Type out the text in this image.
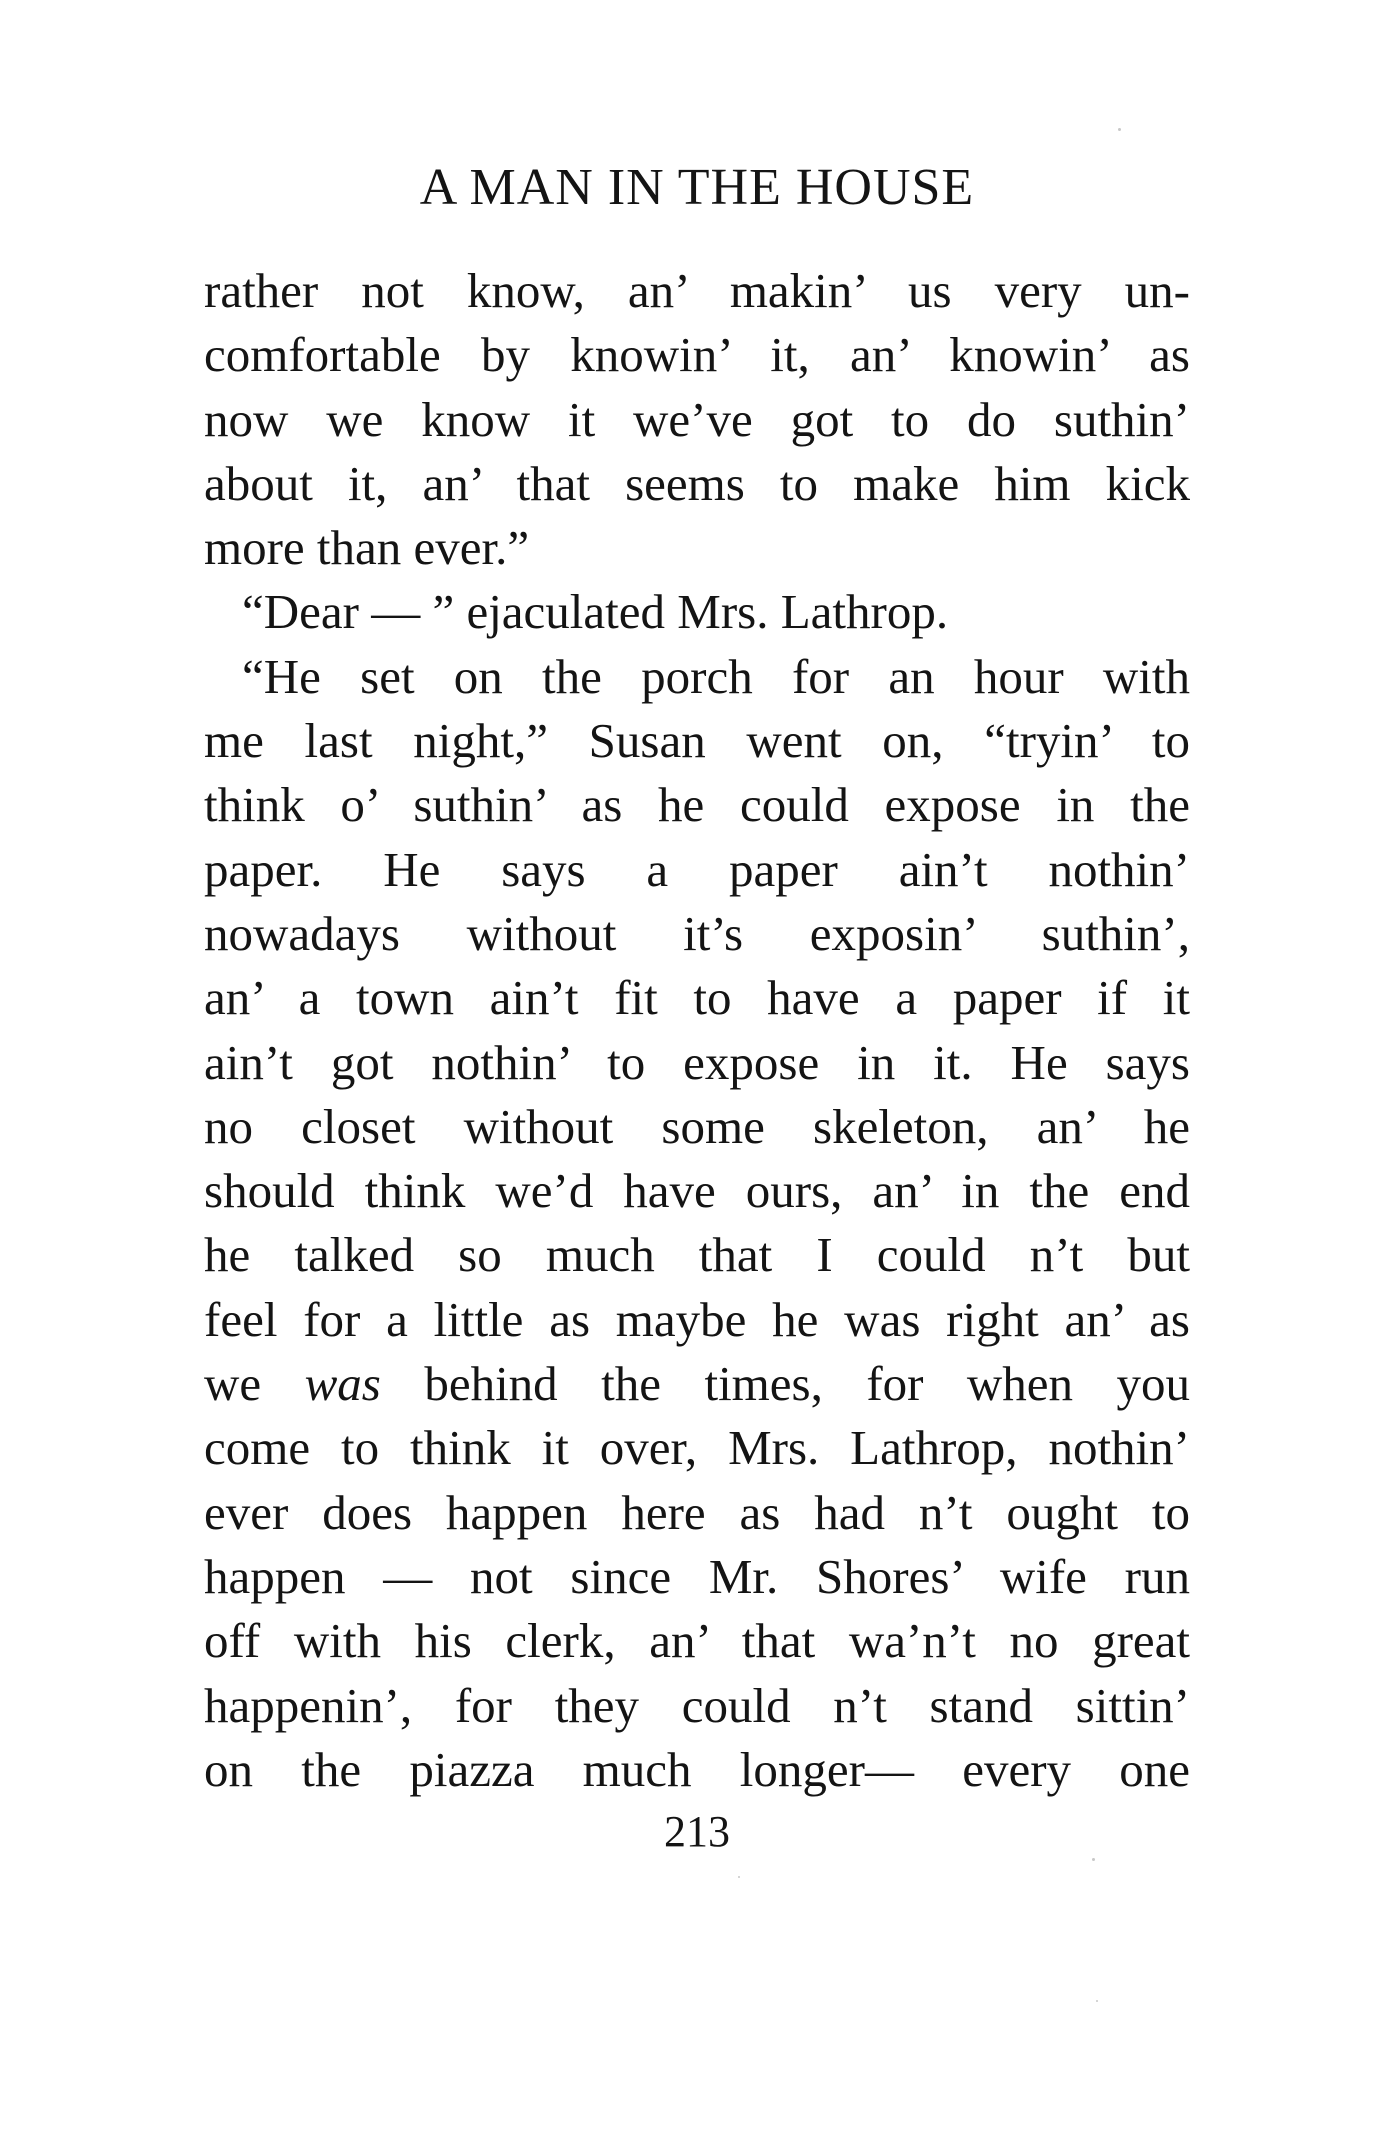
A MAN IN THE HOUSE
rather not know, an’ makin’ us very un-
comfortable by knowin’ it, an’ knowin’ as
now we know it we’ve got to do suthin’
about it, an’ that seems to make him kick
more than ever.”
“Dear — ” ejaculated Mrs. Lathrop.
“He set on the porch for an hour with
me last night,” Susan went on, “tryin’ to
think o’ suthin’ as he could expose in the
paper. He says a paper ain’t nothin’
nowadays without it’s exposin’ suthin’,
an’ a town ain’t fit to have a paper if it
ain’t got nothin’ to expose in it. He says
no closet without some skeleton, an’ he
should think we’d have ours, an’ in the end
he talked so much that I could n’t but
feel for a little as maybe he was right an’ as
we was behind the times, for when you
come to think it over, Mrs. Lathrop, nothin’
ever does happen here as had n’t ought to
happen — not since Mr. Shores’ wife run
off with his clerk, an’ that wa’n’t no great
happenin’, for they could n’t stand sittin’
on the piazza much longer— every one
213
